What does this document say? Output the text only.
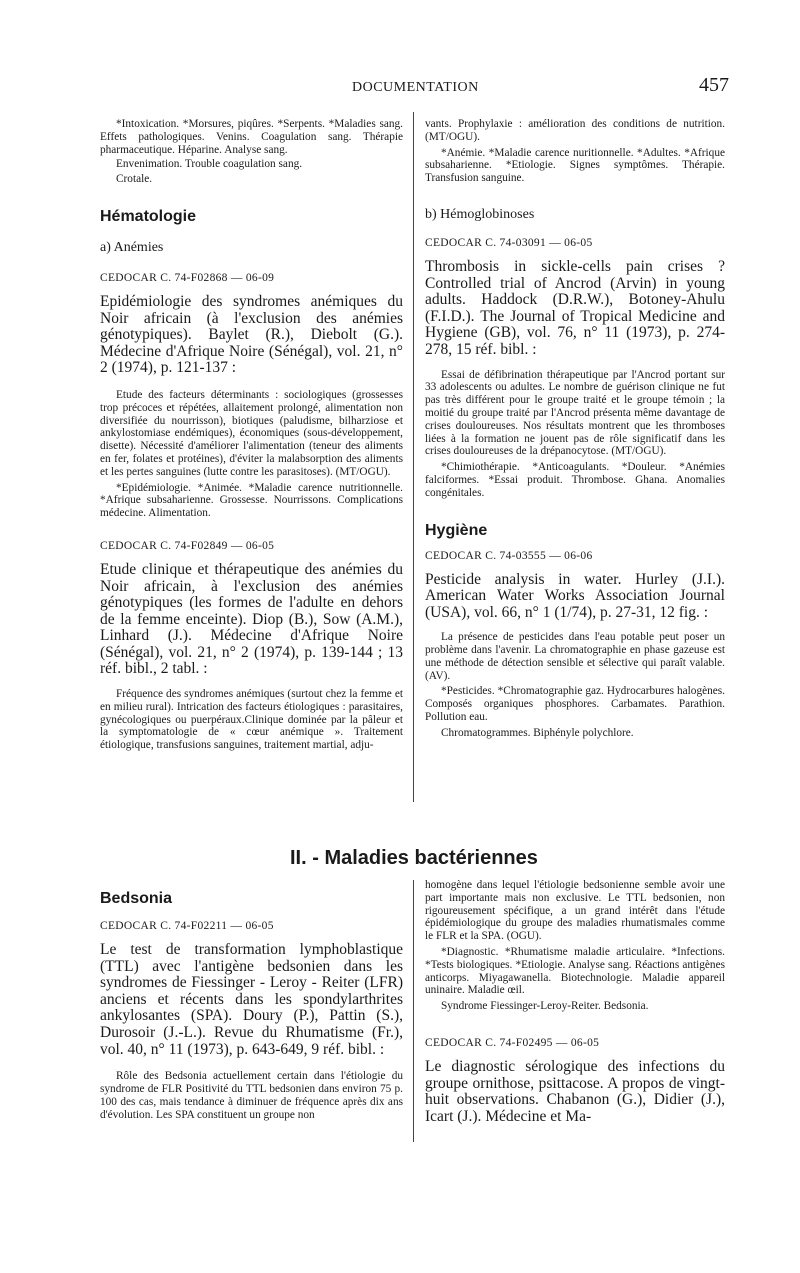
DOCUMENTATION	457

*Intoxication. *Morsures, piqûres. *Serpents. *Maladies sang. Effets pathologiques. Venins. Coagulation sang. Thérapie pharmaceutique. Héparine. Analyse sang.

Envenimation. Trouble coagulation sang.

Crotale.

Hématologie
a) Anémies
CEDOCAR C. 74-F02868 — 06-09

Epidémiologie des syndromes anémiques du Noir africain (à l'exclusion des anémies génotypiques). Baylet (R.), Diebolt (G.). Médecine d'Afrique Noire (Sénégal), vol. 21, n° 2 (1974), p. 121-137 :

Etude des facteurs déterminants : sociologiques (grossesses trop précoces et répétées, allaitement prolongé, alimentation non diversifiée du nourrisson), biotiques (paludisme, bilharziose et ankylostomiase endémiques), économiques (sous-développement, disette). Nécessité d'améliorer l'alimentation (teneur des aliments en fer, folates et protéines), d'éviter la malabsorption des aliments et les pertes sanguines (lutte contre les parasitoses). (MT/OGU).

*Epidémiologie. *Animée. *Maladie carence nutritionnelle. *Afrique subsaharienne. Grossesse. Nourrissons. Complications médecine. Alimentation.

CEDOCAR C. 74-F02849 — 06-05

Etude clinique et thérapeutique des anémies du Noir africain, à l'exclusion des anémies génotypiques (les formes de l'adulte en dehors de la femme enceinte). Diop (B.), Sow (A.M.), Linhard (J.). Médecine d'Afrique Noire (Sénégal), vol. 21, n° 2 (1974), p. 139-144 ; 13 réf. bibl., 2 tabl. :

Fréquence des syndromes anémiques (surtout chez la femme et en milieu rural). Intrication des facteurs étiologiques : parasitaires, gynécologiques ou puerpéraux.Clinique dominée par la pâleur et la symptomatologie de « cœur anémique ». Traitement étiologique, transfusions sanguines, traitement martial, adju-

vants. Prophylaxie : amélioration des conditions de nutrition. (MT/OGU).

*Anémie. *Maladie carence nuritionnelle. *Adultes. *Afrique subsaharienne. *Etiologie. Signes symptômes. Thérapie. Transfusion sanguine.

b) Hémoglobinoses
CEDOCAR C. 74-03091 — 06-05

Thrombosis in sickle-cells pain crises ? Controlled trial of Ancrod (Arvin) in young adults. Haddock (D.R.W.), Botoney-Ahulu (F.I.D.). The Journal of Tropical Medicine and Hygiene (GB), vol. 76, n° 11 (1973), p. 274-278, 15 réf. bibl. :

Essai de défibrination thérapeutique par l'Ancrod portant sur 33 adolescents ou adultes. Le nombre de guérison clinique ne fut pas très différent pour le groupe traité et le groupe témoin ; la moitié du groupe traité par l'Ancrod présenta même davantage de crises douloureuses. Nos résultats montrent que les thromboses liées à la formation ne jouent pas de rôle significatif dans les crises douloureuses de la drépanocytose. (MT/OGU).

*Chimiothérapie. *Anticoagulants. *Douleur. *Anémies falciformes. *Essai produit. Thrombose. Ghana. Anomalies congénitales.

Hygiène
CEDOCAR C. 74-03555 — 06-06

Pesticide analysis in water. Hurley (J.I.). American Water Works Association Journal (USA), vol. 66, n° 1 (1/74), p. 27-31, 12 fig. :

La présence de pesticides dans l'eau potable peut poser un problème dans l'avenir. La chromatographie en phase gazeuse est une méthode de détection sensible et sélective qui paraît valable. (AV).

*Pesticides. *Chromatographie gaz. Hydrocarbures halogènes. Composés organiques phosphores. Carbamates. Parathion. Pollution eau.

Chromatogrammes. Biphényle polychlore.

II. - Maladies bactériennes
Bedsonia
CEDOCAR C. 74-F02211 — 06-05

Le test de transformation lymphoblastique (TTL) avec l'antigène bedsonien dans les syndromes de Fiessinger - Leroy - Reiter (LFR) anciens et récents dans les spondylarthrites ankylosantes (SPA). Doury (P.), Pattin (S.), Durosoir (J.-L.). Revue du Rhumatisme (Fr.), vol. 40, n° 11 (1973), p. 643-649, 9 réf. bibl. :

Rôle des Bedsonia actuellement certain dans l'étiologie du syndrome de FLR Positivité du TTL bedsonien dans environ 75 p. 100 des cas, mais tendance à diminuer de fréquence après dix ans d'évolution. Les SPA constituent un groupe non

homogène dans lequel l'étiologie bedsonienne semble avoir une part importante mais non exclusive. Le TTL bedsonien, non rigoureusement spécifique, a un grand intérêt dans l'étude épidémiologique du groupe des maladies rhumatismales comme le FLR et la SPA. (OGU).

*Diagnostic. *Rhumatisme maladie articulaire. *Infections. *Tests biologiques. *Etiologie. Analyse sang. Réactions antigènes anticorps. Miyagawanella. Biotechnologie. Maladie appareil uninaire. Maladie œil.

Syndrome Fiessinger-Leroy-Reiter. Bedsonia.

CEDOCAR C. 74-F02495 — 06-05

Le diagnostic sérologique des infections du groupe ornithose, psittacose. A propos de vingt-huit observations. Chabanon (G.), Didier (J.), Icart (J.). Médecine et Ma-
